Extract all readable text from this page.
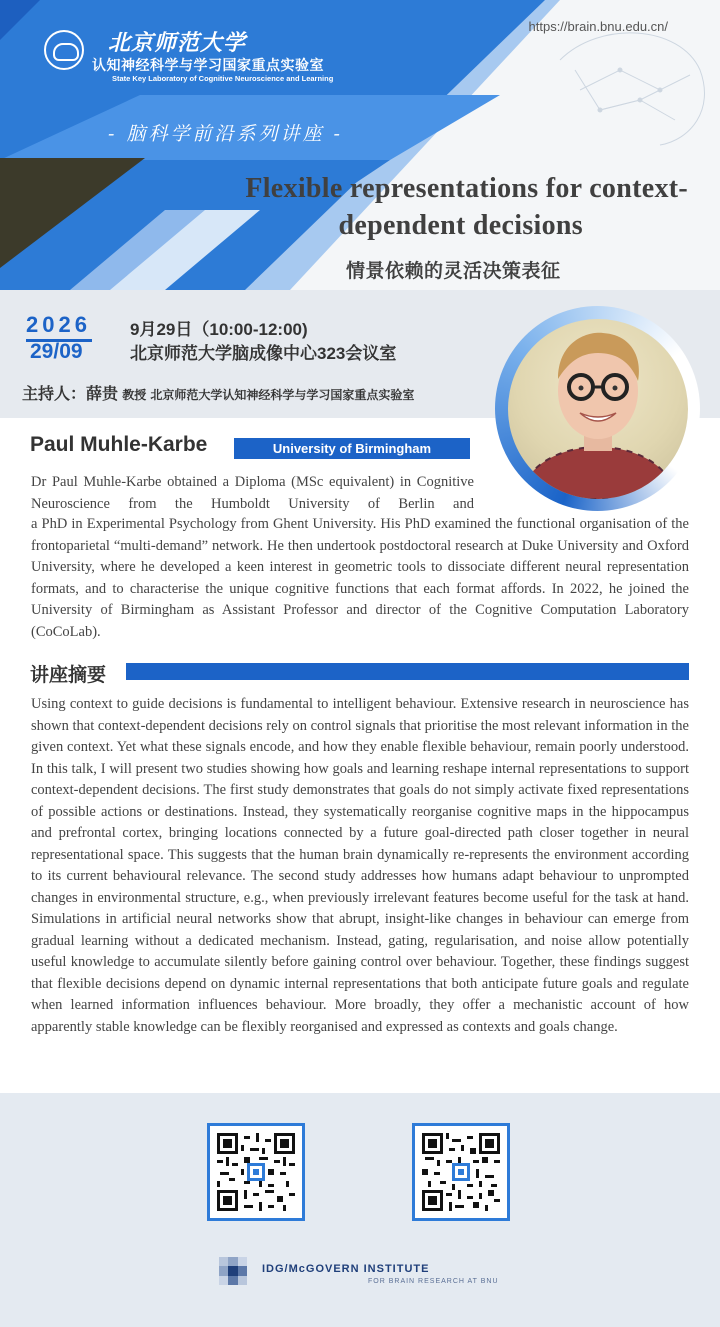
https://brain.bnu.edu.cn/
北京师范大学
认知神经科学与学习国家重点实验室
State Key Laboratory of Cognitive Neuroscience and Learning
- 脑科学前沿系列讲座 -
Flexible representations for context-
dependent decisions
情景依赖的灵活决策表征
2026
29/09
9月29日（10:00-12:00)
北京师范大学脑成像中心323会议室
主持人：薛贵 教授 北京师范大学认知神经科学与学习国家重点实验室
Paul Muhle-Karbe	University of Birmingham
Dr Paul Muhle-Karbe obtained a Diploma (MSc equivalent) in Cognitive Neuroscience from the Humboldt University of Berlin and
a PhD in Experimental Psychology from Ghent University. His PhD examined the functional organisation of the frontoparietal “multi-demand” network. He then undertook postdoctoral research at Duke University and Oxford University, where he developed a keen interest in geometric tools to dissociate different neural representation formats, and to characterise the unique cognitive functions that each format affords. In 2022, he joined the University of Birmingham as Assistant Professor and director of the Cognitive Computation Laboratory (CoCoLab).
讲座摘要
Using context to guide decisions is fundamental to intelligent behaviour. Extensive research in neuroscience has shown that context-dependent decisions rely on control signals that prioritise the most relevant information in the given context. Yet what these signals encode, and how they enable flexible behaviour, remain poorly understood. In this talk, I will present two studies showing how goals and learning reshape internal representations to support context-dependent decisions. The first study demonstrates that goals do not simply activate fixed representations of possible actions or destinations. Instead, they systematically reorganise cognitive maps in the hippocampus and prefrontal cortex, bringing locations connected by a future goal-directed path closer together in neural representational space. This suggests that the human brain dynamically re-represents the environment according to its current behavioural relevance. The second study addresses how humans adapt behaviour to unprompted changes in environmental structure, e.g., when previously irrelevant features become useful for the task at hand. Simulations in artificial neural networks show that abrupt, insight-like changes in behaviour can emerge from gradual learning without a dedicated mechanism. Instead, gating, regularisation, and noise allow potentially useful knowledge to accumulate silently before gaining control over behaviour. Together, these findings suggest that flexible decisions depend on dynamic internal representations that both anticipate future goals and regulate when learned information influences behaviour. More broadly, they offer a mechanistic account of how apparently stable knowledge can be flexibly reorganised and expressed as contexts and goals change.
IDG/McGOVERN INSTITUTE
FOR BRAIN RESEARCH AT BNU
